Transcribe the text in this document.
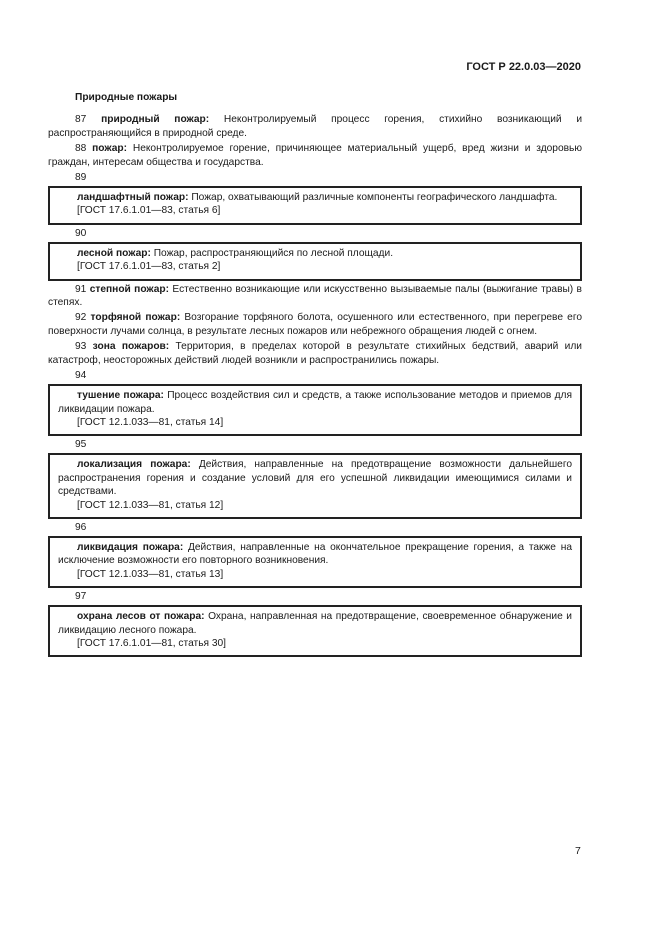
ГОСТ Р 22.0.03—2020
Природные пожары

87 природный пожар: Неконтролируемый процесс горения, стихийно возникающий и распространяющийся в природной среде.

88 пожар: Неконтролируемое горение, причиняющее материальный ущерб, вред жизни и здоровью граждан, интересам общества и государства.

89
ландшафтный пожар: Пожар, охватывающий различные компоненты географического ландшафта.
[ГОСТ 17.6.1.01—83, статья 6]
90
лесной пожар: Пожар, распространяющийся по лесной площади.
[ГОСТ 17.6.1.01—83, статья 2]

91 степной пожар: Естественно возникающие или искусственно вызываемые палы (выжигание травы) в степях.

92 торфяной пожар: Возгорание торфяного болота, осушенного или естественного, при перегреве его поверхности лучами солнца, в результате лесных пожаров или небрежного обращения людей с огнем.

93 зона пожаров: Территория, в пределах которой в результате стихийных бедствий, аварий или катастроф, неосторожных действий людей возникли и распространились пожары.

94
тушение пожара: Процесс воздействия сил и средств, а также использование методов и приемов для ликвидации пожара.
[ГОСТ 12.1.033—81, статья 14]
95
локализация пожара: Действия, направленные на предотвращение возможности дальнейшего распространения горения и создание условий для его успешной ликвидации имеющимися силами и средствами.
[ГОСТ 12.1.033—81, статья 12]
96
ликвидация пожара: Действия, направленные на окончательное прекращение горения, а также на исключение возможности его повторного возникновения.
[ГОСТ 12.1.033—81, статья 13]
97
охрана лесов от пожара: Охрана, направленная на предотвращение, своевременное обнаружение и ликвидацию лесного пожара.
[ГОСТ 17.6.1.01—81, статья 30]
7
